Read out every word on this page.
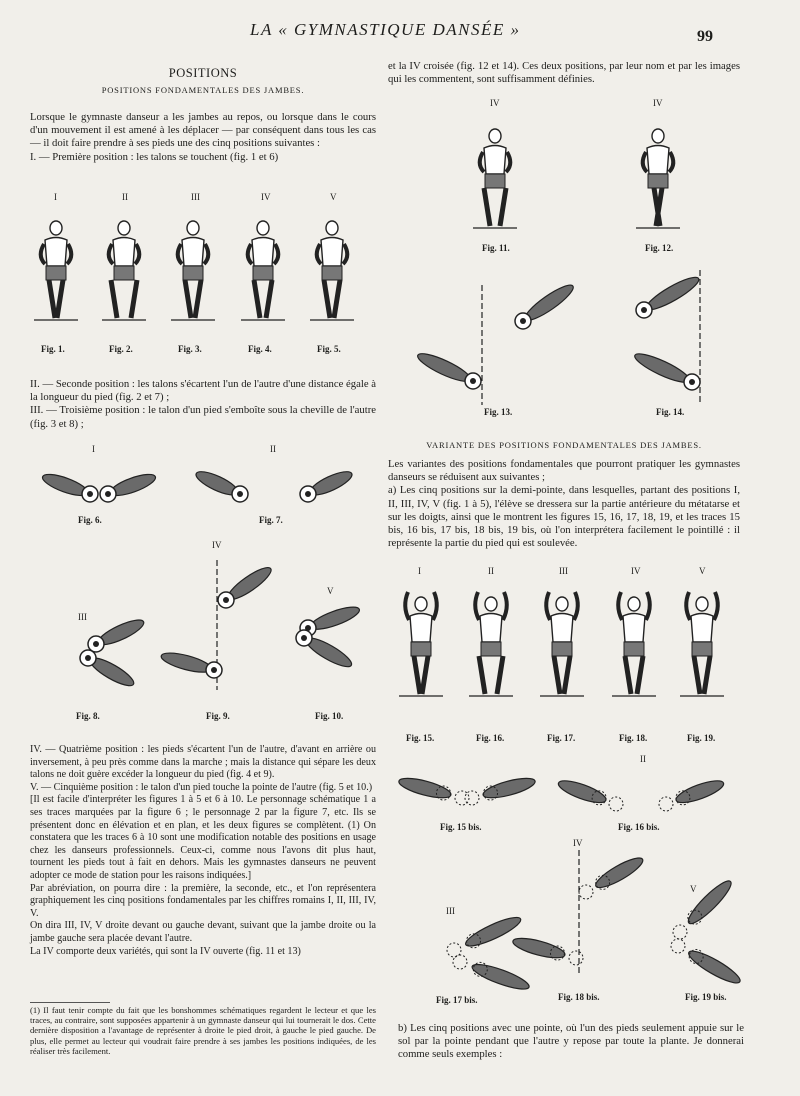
LA « GYMNASTIQUE DANSÉE »	99
POSITIONS
POSITIONS FONDAMENTALES DES JAMBES.

Lorsque le gymnaste danseur a les jambes au repos, ou lorsque dans le cours d'un mouvement il est amené à les déplacer — par conséquent dans tous les cas — il doit faire prendre à ses pieds une des cinq positions suivantes :

I. — Première position : les talons se touchent (fig. 1 et 6)

I
Fig. 1.
II
Fig. 2.
III
Fig. 3.
IV
Fig. 4.
V
Fig. 5.

II. — Seconde position : les talons s'écartent l'un de l'autre d'une distance égale à la longueur du pied (fig. 2 et 7) ;

III. — Troisième position : le talon d'un pied s'emboîte sous la cheville de l'autre (fig. 3 et 8) ;

I
Fig. 6.
II
Fig. 7.
IV
III
Fig. 8.	Fig. 9.
V
Fig. 10.

IV. — Quatrième position : les pieds s'écartent l'un de l'autre, d'avant en arrière ou inversement, à peu près comme dans la marche ; mais la distance qui sépare les deux talons ne doit guère excéder la longueur du pied (fig. 4 et 9).

V. — Cinquième position : le talon d'un pied touche la pointe de l'autre (fig. 5 et 10.)

[Il est facile d'interpréter les figures 1 à 5 et 6 à 10. Le personnage schématique 1 a ses traces marquées par la figure 6 ; le personnage 2 par la figure 7, etc. Ils se présentent donc en élévation et en plan, et les deux figures se complètent. (1) On constatera que les traces 6 à 10 sont une modification notable des positions en usage chez les danseurs professionnels. Ceux-ci, comme nous l'avons dit plus haut, tournent les pieds tout à fait en dehors. Mais les gymnastes danseurs ne peuvent adopter ce mode de station pour les raisons indiquées.]

Par abréviation, on pourra dire : la première, la seconde, etc., et l'on représentera graphiquement les cinq positions fondamentales par les chiffres romains I, II, III, IV, V.

On dira III, IV, V droite devant ou gauche devant, suivant que la jambe droite ou la jambe gauche sera placée devant l'autre.

La IV comporte deux variétés, qui sont la IV ouverte (fig. 11 et 13)

(1) Il faut tenir compte du fait que les bonshommes schématiques regardent le lecteur et que les traces, au contraire, sont supposées appartenir à un gymnaste danseur qui lui tournerait le dos. Cette dernière disposition a l'avantage de représenter à droite le pied droit, à gauche le pied gauche. De plus, elle permet au lecteur qui voudrait faire prendre à ses jambes les positions indiquées, de les réaliser très facilement.

et la IV croisée (fig. 12 et 14). Ces deux positions, par leur nom et par les images qui les commentent, sont suffisamment définies.

IV
Fig. 11.
IV
Fig. 12.
Fig. 13.	Fig. 14.
VARIANTE DES POSITIONS FONDAMENTALES DES JAMBES.

Les variantes des positions fondamentales que pourront pratiquer les gymnastes danseurs se réduisent aux suivantes ;

a) Les cinq positions sur la demi-pointe, dans lesquelles, partant des positions I, II, III, IV, V (fig. 1 à 5), l'élève se dressera sur la partie antérieure du métatarse et sur les doigts, ainsi que le montrent les figures 15, 16, 17, 18, 19, et les traces 15 bis, 16 bis, 17 bis, 18 bis, 19 bis, où l'on interprétera facilement le pointillé : il représente la partie du pied qui est soulevée.

I
Fig. 15.
II
Fig. 16.
III
Fig. 17.
IV
Fig. 18.
V
Fig. 19.
Fig. 15 bis.
II
Fig. 16 bis.
IV
III
Fig. 17 bis.	Fig. 18 bis.
V
Fig. 19 bis.

b) Les cinq positions avec une pointe, où l'un des pieds seulement appuie sur le sol par la pointe pendant que l'autre y repose par toute la plante. Je donnerai comme seuls exemples :
